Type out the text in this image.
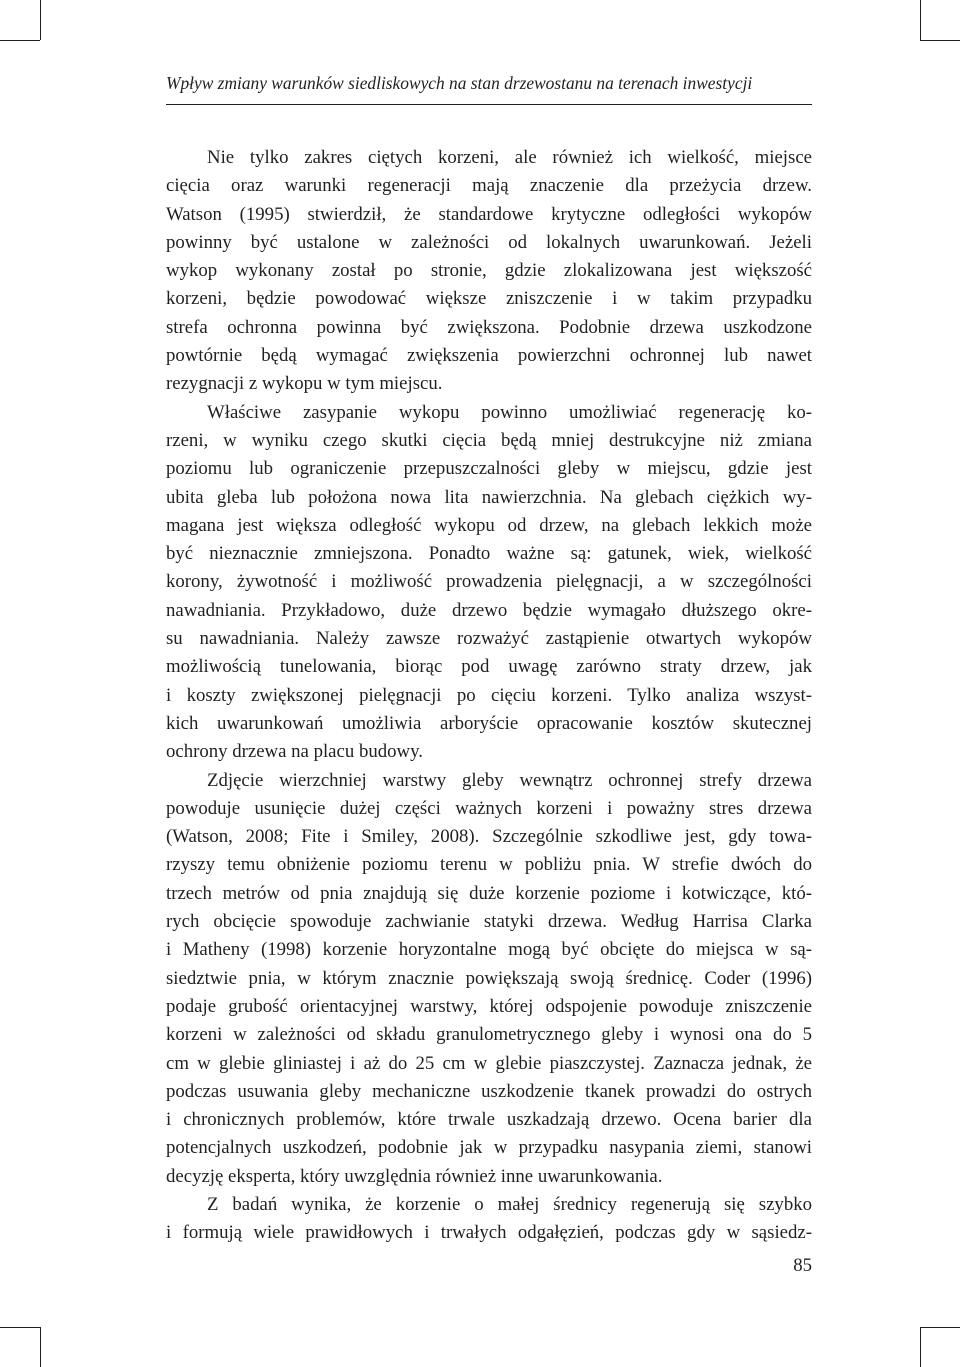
Wpływ zmiany warunków siedliskowych na stan drzewostanu na terenach inwestycji
Nie tylko zakres ciętych korzeni, ale również ich wielkość, miejsce
cięcia oraz warunki regeneracji mają znaczenie dla przeżycia drzew.
Watson (1995) stwierdził, że standardowe krytyczne odległości wykopów
powinny być ustalone w zależności od lokalnych uwarunkowań. Jeżeli
wykop wykonany został po stronie, gdzie zlokalizowana jest większość
korzeni, będzie powodować większe zniszczenie i w takim przypadku
strefa ochronna powinna być zwiększona. Podobnie drzewa uszkodzone
powtórnie będą wymagać zwiększenia powierzchni ochronnej lub nawet
rezygnacji z wykopu w tym miejscu.
Właściwe zasypanie wykopu powinno umożliwiać regenerację ko-
rzeni, w wyniku czego skutki cięcia będą mniej destrukcyjne niż zmiana
poziomu lub ograniczenie przepuszczalności gleby w miejscu, gdzie jest
ubita gleba lub położona nowa lita nawierzchnia. Na glebach ciężkich wy-
magana jest większa odległość wykopu od drzew, na glebach lekkich może
być nieznacznie zmniejszona. Ponadto ważne są: gatunek, wiek, wielkość
korony, żywotność i możliwość prowadzenia pielęgnacji, a w szczególności
nawadniania. Przykładowo, duże drzewo będzie wymagało dłuższego okre-
su nawadniania. Należy zawsze rozważyć zastąpienie otwartych wykopów
możliwością tunelowania, biorąc pod uwagę zarówno straty drzew, jak
i koszty zwiększonej pielęgnacji po cięciu korzeni. Tylko analiza wszyst-
kich uwarunkowań umożliwia arboryście opracowanie kosztów skutecznej
ochrony drzewa na placu budowy.
Zdjęcie wierzchniej warstwy gleby wewnątrz ochronnej strefy drzewa
powoduje usunięcie dużej części ważnych korzeni i poważny stres drzewa
(Watson, 2008; Fite i Smiley, 2008). Szczególnie szkodliwe jest, gdy towa-
rzyszy temu obniżenie poziomu terenu w pobliżu pnia. W strefie dwóch do
trzech metrów od pnia znajdują się duże korzenie poziome i kotwiczące, któ-
rych obcięcie spowoduje zachwianie statyki drzewa. Według Harrisa Clarka
i Matheny (1998) korzenie horyzontalne mogą być obcięte do miejsca w są-
siedztwie pnia, w którym znacznie powiększają swoją średnicę. Coder (1996)
podaje grubość orientacyjnej warstwy, której odspojenie powoduje zniszczenie
korzeni w zależności od składu granulometrycznego gleby i wynosi ona do 5
cm w glebie gliniastej i aż do 25 cm w glebie piaszczystej. Zaznacza jednak, że
podczas usuwania gleby mechaniczne uszkodzenie tkanek prowadzi do ostrych
i chronicznych problemów, które trwale uszkadzają drzewo. Ocena barier dla
potencjalnych uszkodzeń, podobnie jak w przypadku nasypania ziemi, stanowi
decyzję eksperta, który uwzględnia również inne uwarunkowania.
Z badań wynika, że korzenie o małej średnicy regenerują się szybko
i formują wiele prawidłowych i trwałych odgałęzień, podczas gdy w sąsiedz-
85
